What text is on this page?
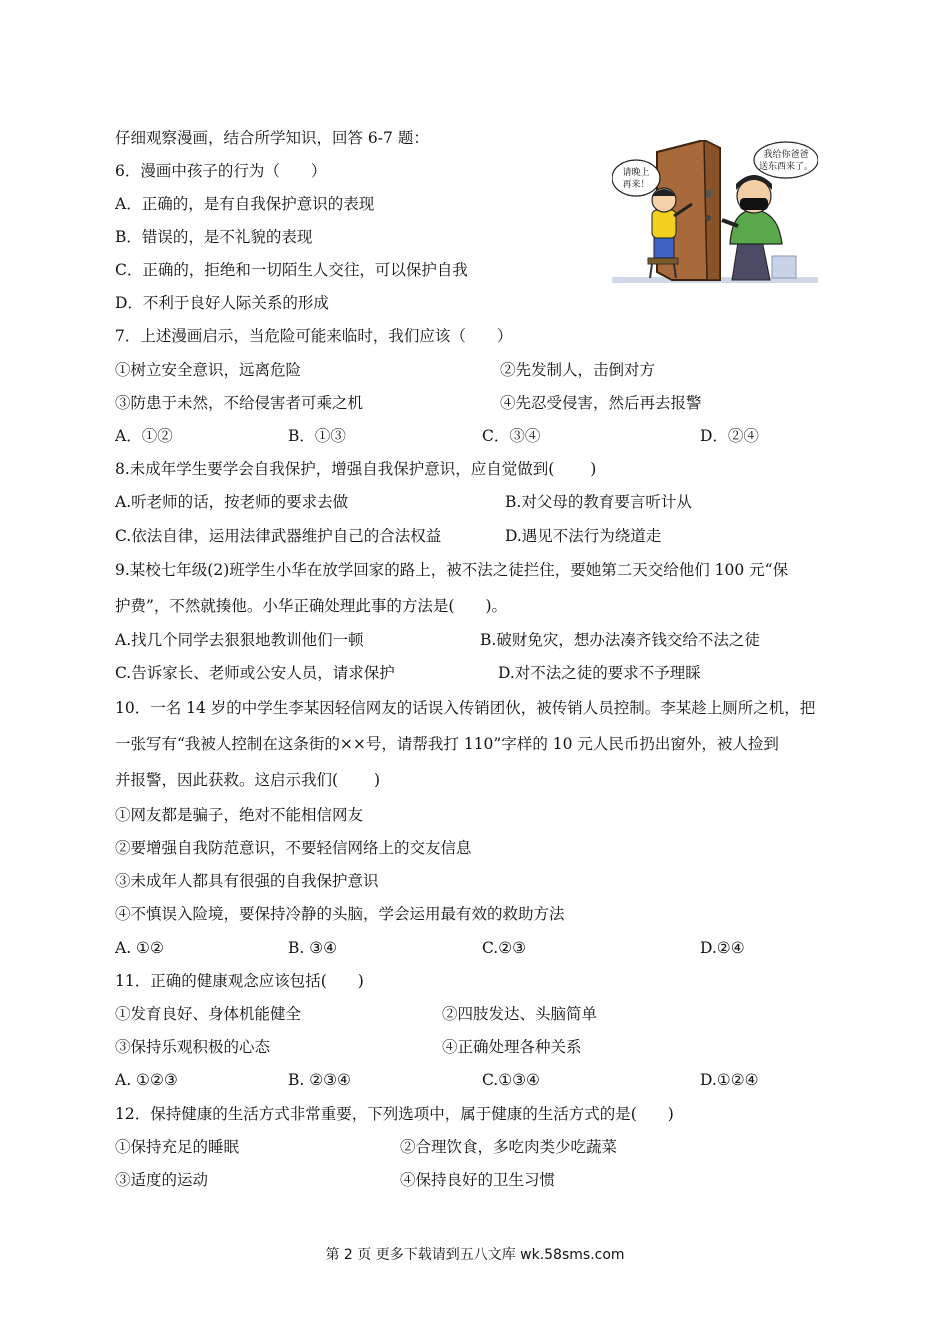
仔细观察漫画，结合所学知识，回答 6-7 题：
6．漫画中孩子的行为（　　）
A．正确的，是有自我保护意识的表现
B．错误的，是不礼貌的表现
C．正确的，拒绝和一切陌生人交往，可以保护自我
D．不利于良好人际关系的形成
请晚上
再来！
我给你爸爸
送东西来了。
7．上述漫画启示，当危险可能来临时，我们应该（　　）
①树立安全意识，远离危险	②先发制人，击倒对方
③防患于未然，不给侵害者可乘之机	④先忍受侵害，然后再去报警
A．①②	B．①③	C．③④	D．②④
8.未成年学生要学会自我保护，增强自我保护意识，应自觉做到(　　 )
A.听老师的话，按老师的要求去做	B.对父母的教育要言听计从
C.依法自律，运用法律武器维护自己的合法权益	D.遇见不法行为绕道走
9.某校七年级(2)班学生小华在放学回家的路上，被不法之徒拦住，要她第二天交给他们 100 元“保
护费”，不然就揍他。小华正确处理此事的方法是(　　)。
A.找几个同学去狠狠地教训他们一顿	B.破财免灾，想办法凑齐钱交给不法之徒
C.告诉家长、老师或公安人员，请求保护	D.对不法之徒的要求不予理睬
10．一名 14 岁的中学生李某因轻信网友的话误入传销团伙，被传销人员控制。李某趁上厕所之机，把
一张写有“我被人控制在这条街的××号，请帮我打 110”字样的 10 元人民币扔出窗外，被人捡到
并报警，因此获救。这启示我们(　　 )
①网友都是骗子，绝对不能相信网友
②要增强自我防范意识，不要轻信网络上的交友信息
③未成年人都具有很强的自我保护意识
④不慎误入险境，要保持冷静的头脑，学会运用最有效的救助方法
A. ①②	B. ③④	C.②③	D.②④
11．正确的健康观念应该包括(　　)
①发育良好、身体机能健全	②四肢发达、头脑简单
③保持乐观积极的心态	④正确处理各种关系
A. ①②③	B. ②③④	C.①③④	D.①②④
12．保持健康的生活方式非常重要，下列选项中，属于健康的生活方式的是(　　)
①保持充足的睡眠	②合理饮食，多吃肉类少吃蔬菜
③适度的运动	④保持良好的卫生习惯
第 2 页 更多下载请到五八文库 wk.58sms.com
